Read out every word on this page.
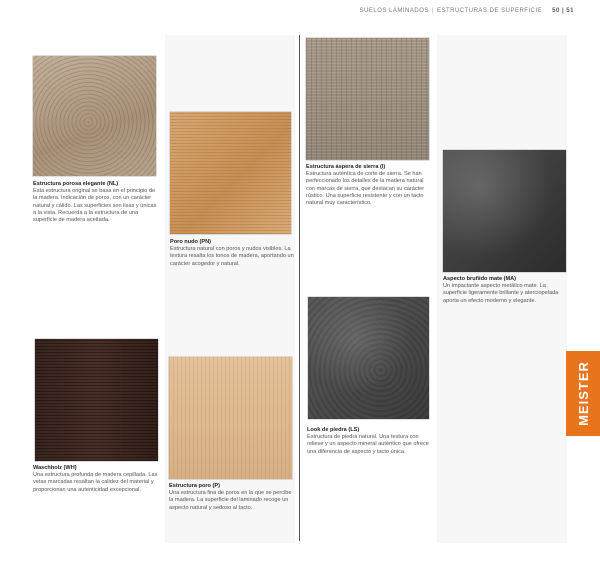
SUELOS LAMINADOS | ESTRUCTURAS DE SUPERFICIE 50 | 51
Estructura porosa elegante (NL)
Esta estructura original se basa en el principio de la madera. Indicación de poros, con un carácter natural y cálido. Las superficies son lisas y únicas a la vista. Recuerda a la estructura de una superficie de madera aceitada.
Poro nudo (PN)
Estructura natural con poros y nudos visibles. La textura resalta los tonos de madera, aportando un carácter acogedor y natural.
Estructura áspera de sierra (I)
Estructura auténtica de corte de sierra. Se han perfeccionado los detalles de la madera natural con marcas de sierra, que destacan su carácter rústico. Una superficie resistente y con un tacto natural muy característico.
Aspecto bruñido mate (MA)
Un impactante aspecto metálico mate. La superficie ligeramente brillante y aterciopelada aporta un efecto moderno y elegante.
Waschholz (WH)
Una estructura profunda de madera cepillada. Las vetas marcadas resaltan la calidez del material y proporcionan una autenticidad excepcional.
Estructura poro (P)
Una estructura fina de poros en la que se percibe la madera. La superficie del laminado recoge un aspecto natural y sedoso al tacto.
Look de piedra (LS)
Estructura de piedra natural. Una textura con relieve y un aspecto mineral auténtico que ofrece una diferencia de aspecto y tacto única.
MEISTER
